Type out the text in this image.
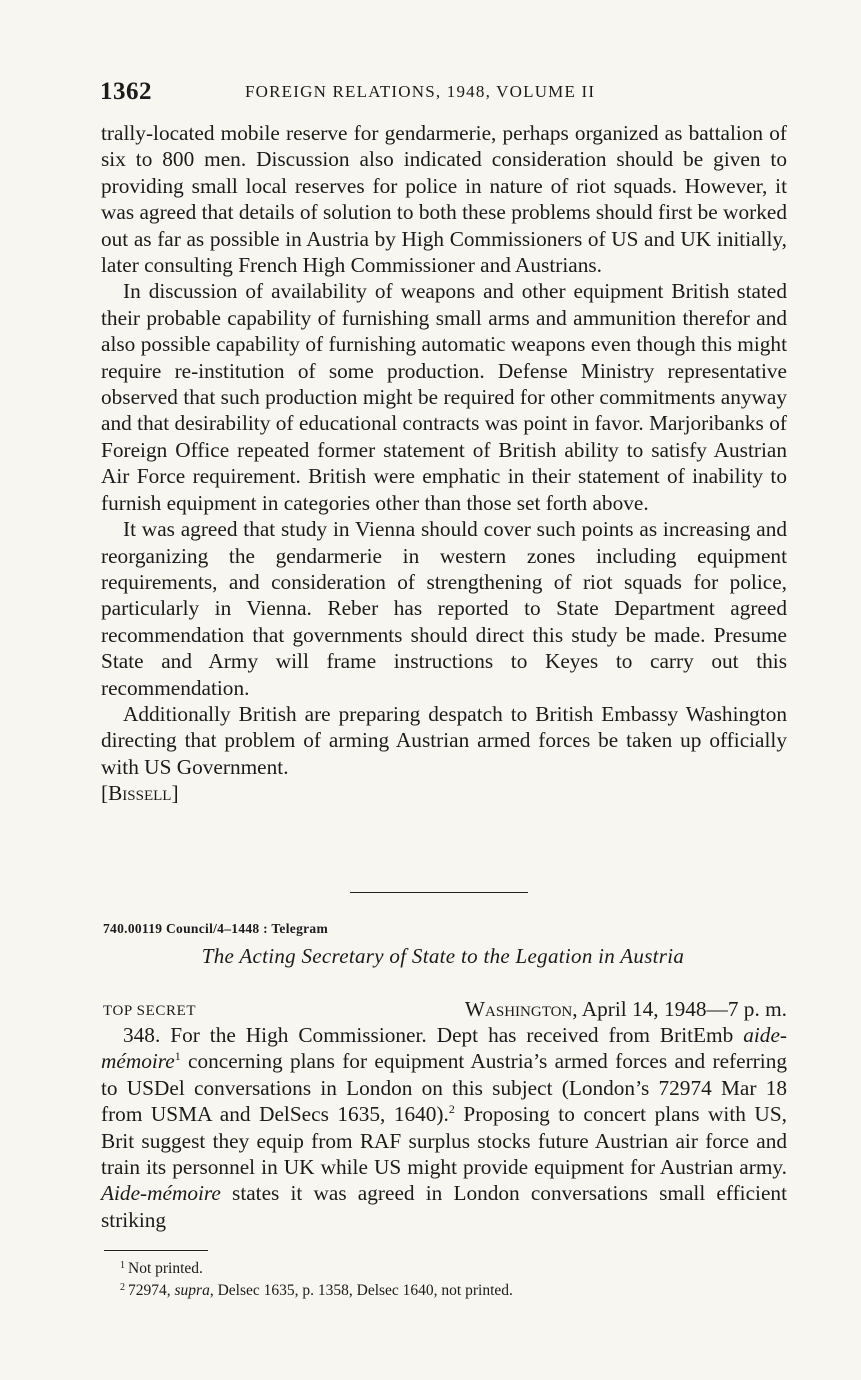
1362	FOREIGN RELATIONS, 1948, VOLUME II

trally-located mobile reserve for gendarmerie, perhaps organized as battalion of six to 800 men. Discussion also indicated consideration should be given to providing small local reserves for police in nature of riot squads. However, it was agreed that details of solution to both these problems should first be worked out as far as possible in Austria by High Commissioners of US and UK initially, later consulting French High Commissioner and Austrians.

In discussion of availability of weapons and other equipment British stated their probable capability of furnishing small arms and ammunition therefor and also possible capability of furnishing automatic weapons even though this might require re-institution of some production. Defense Ministry representative observed that such production might be required for other commitments anyway and that desirability of educational contracts was point in favor. Marjoribanks of Foreign Office repeated former statement of British ability to satisfy Austrian Air Force requirement. British were emphatic in their statement of inability to furnish equipment in categories other than those set forth above.

It was agreed that study in Vienna should cover such points as increasing and reorganizing the gendarmerie in western zones including equipment requirements, and consideration of strengthening of riot squads for police, particularly in Vienna. Reber has reported to State Department agreed recommendation that governments should direct this study be made. Presume State and Army will frame instructions to Keyes to carry out this recommendation.

Additionally British are preparing despatch to British Embassy Washington directing that problem of arming Austrian armed forces be taken up officially with US Government.

[Bissell]

740.00119 Council/4–1448 : Telegram
The Acting Secretary of State to the Legation in Austria
TOP SECRET	Washington, April 14, 1948—7 p. m.

348. For the High Commissioner. Dept has received from BritEmb aide-mémoire$^1$ concerning plans for equipment Austria’s armed forces and referring to USDel conversations in London on this subject (London’s 72974 Mar 18 from USMA and DelSecs 1635, 1640).$^2$ Proposing to concert plans with US, Brit suggest they equip from RAF surplus stocks future Austrian air force and train its personnel in UK while US might provide equipment for Austrian army. Aide-mémoire states it was agreed in London conversations small efficient striking

$^1$ Not printed.
$^2$ 72974, supra, Delsec 1635, p. 1358, Delsec 1640, not printed.
